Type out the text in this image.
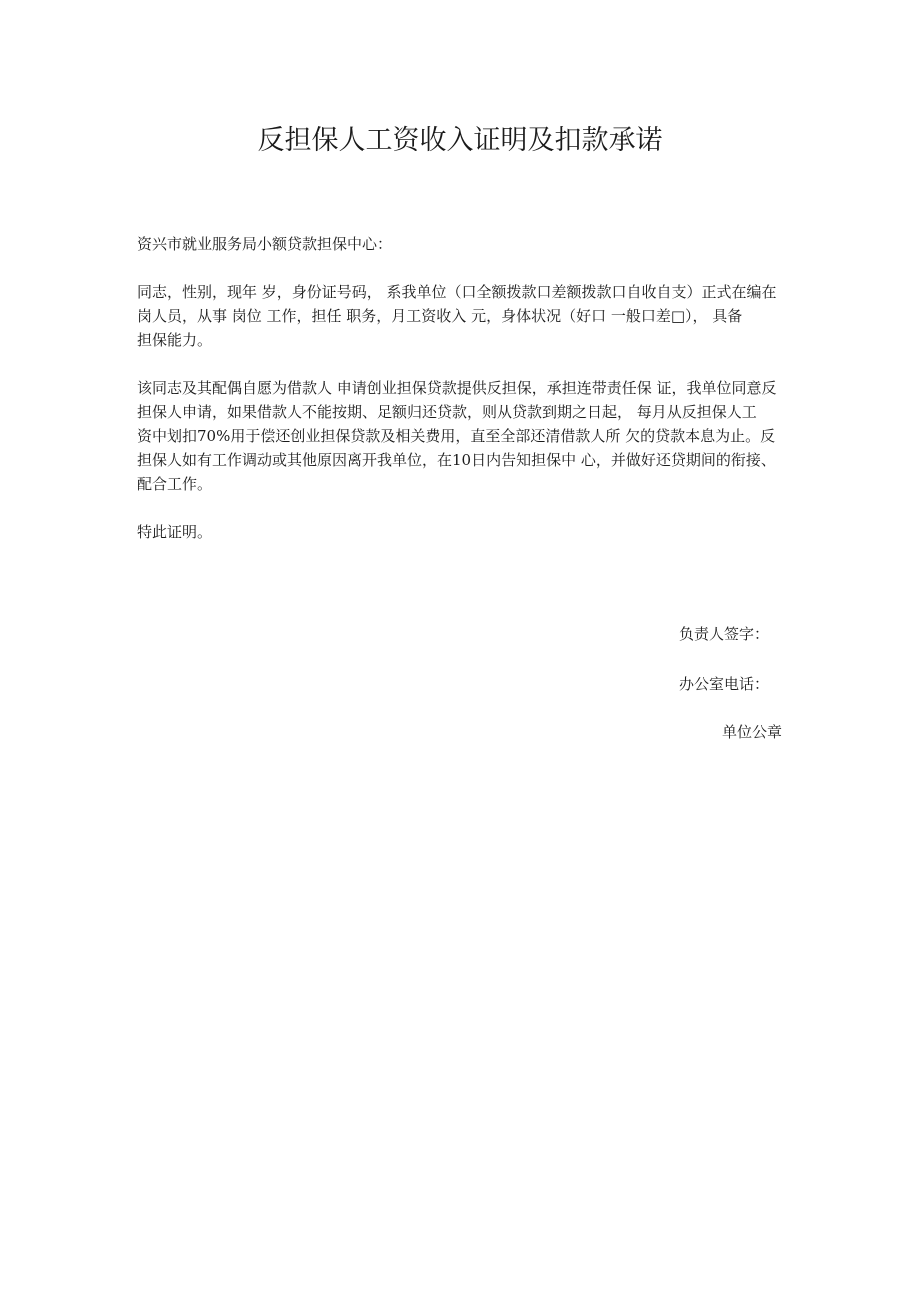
反担保人工资收入证明及扣款承诺

资兴市就业服务局小额贷款担保中心：

同志，性别，现年 岁，身份证号码， 系我单位（口全额拨款口差额拨款口自收自支）正式在编在
岗人员，从事 岗位 工作，担任 职务，月工资收入 元，身体状况（好口 一般口差□）， 具备
担保能力。

该同志及其配偶自愿为借款人 申请创业担保贷款提供反担保，承担连带责任保 证，我单位同意反
担保人申请，如果借款人不能按期、足额归还贷款，则从贷款到期之日起， 每月从反担保人工
资中划扣70%用于偿还创业担保贷款及相关费用，直至全部还清借款人所 欠的贷款本息为止。反
担保人如有工作调动或其他原因离开我单位，在10日内告知担保中 心，并做好还贷期间的衔接、
配合工作。

特此证明。

负责人签字：
办公室电话：
单位公章
